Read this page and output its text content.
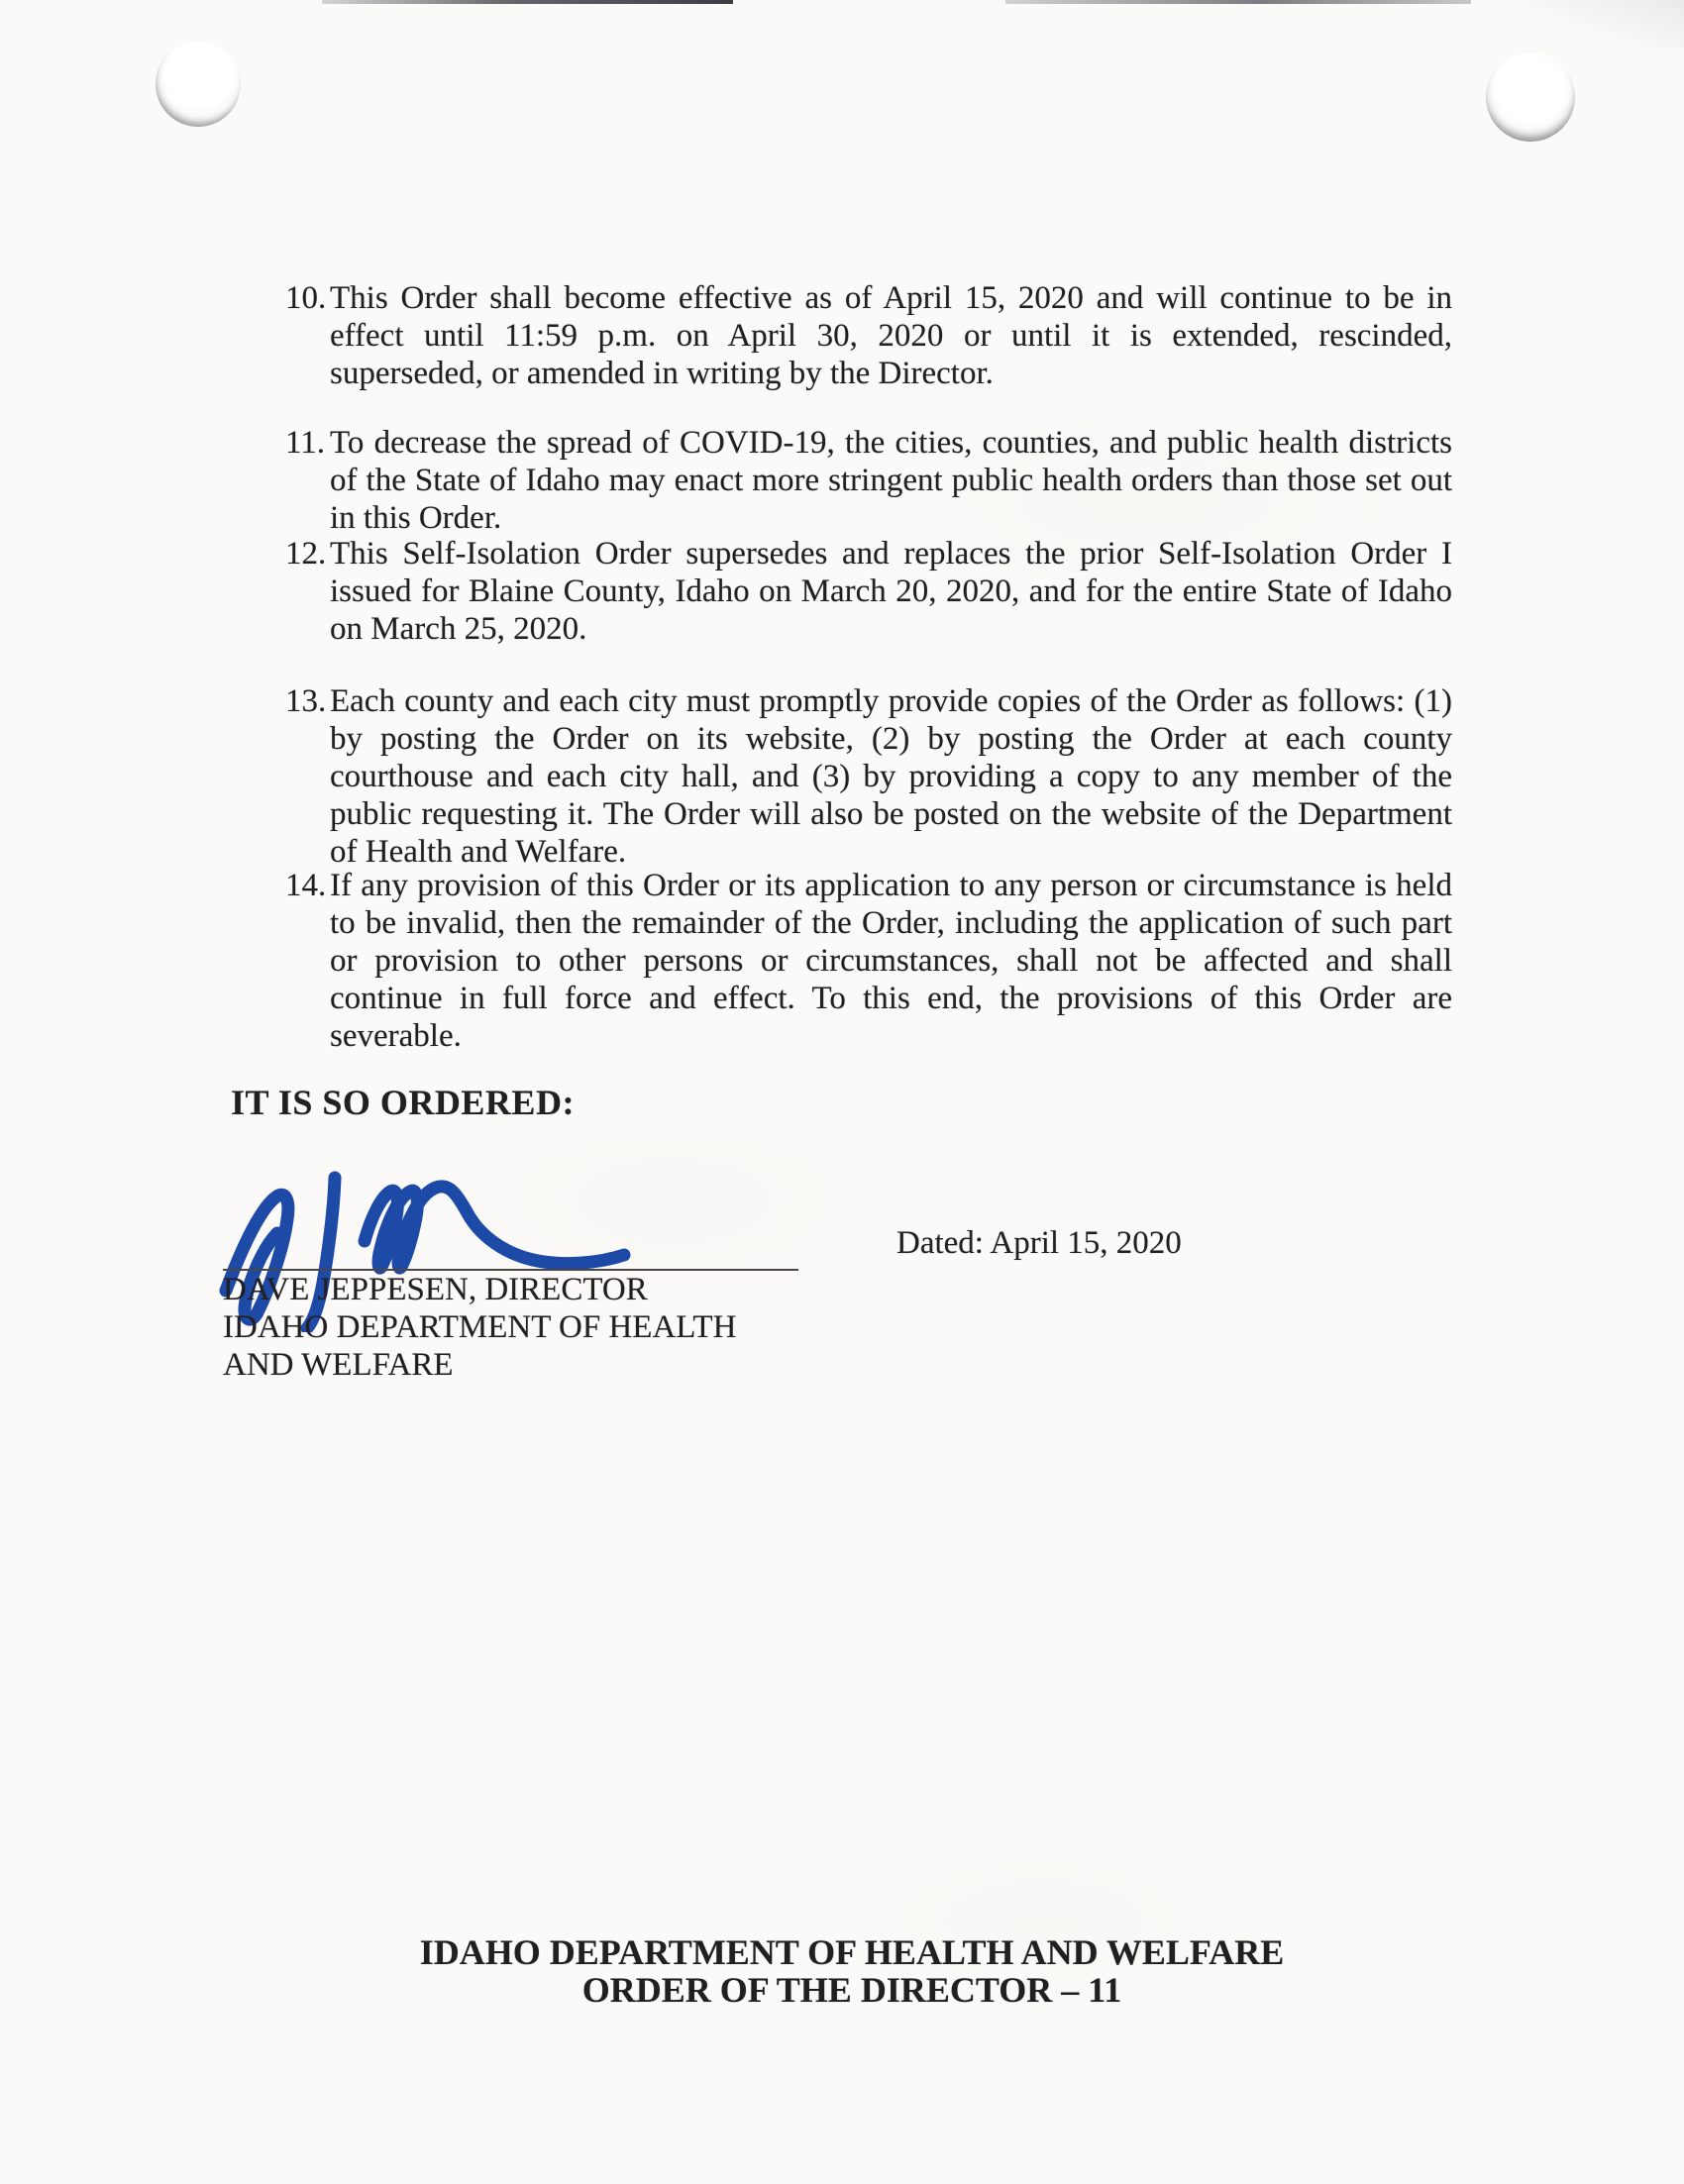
10. This Order shall become effective as of April 15, 2020 and will continue to be in effect until 11:59 p.m. on April 30, 2020 or until it is extended, rescinded, superseded, or amended in writing by the Director.
11. To decrease the spread of COVID-19, the cities, counties, and public health districts of the State of Idaho may enact more stringent public health orders than those set out in this Order.
12. This Self-Isolation Order supersedes and replaces the prior Self-Isolation Order I issued for Blaine County, Idaho on March 20, 2020, and for the entire State of Idaho on March 25, 2020.
13. Each county and each city must promptly provide copies of the Order as follows: (1) by posting the Order on its website, (2) by posting the Order at each county courthouse and each city hall, and (3) by providing a copy to any member of the public requesting it. The Order will also be posted on the website of the Department of Health and Welfare.
14. If any provision of this Order or its application to any person or circumstance is held to be invalid, then the remainder of the Order, including the application of such part or provision to other persons or circumstances, shall not be affected and shall continue in full force and effect. To this end, the provisions of this Order are severable.
IT IS SO ORDERED:
DAVE JEPPESEN, DIRECTOR
IDAHO DEPARTMENT OF HEALTH
AND WELFARE
Dated: April 15, 2020
IDAHO DEPARTMENT OF HEALTH AND WELFARE
ORDER OF THE DIRECTOR – 11
